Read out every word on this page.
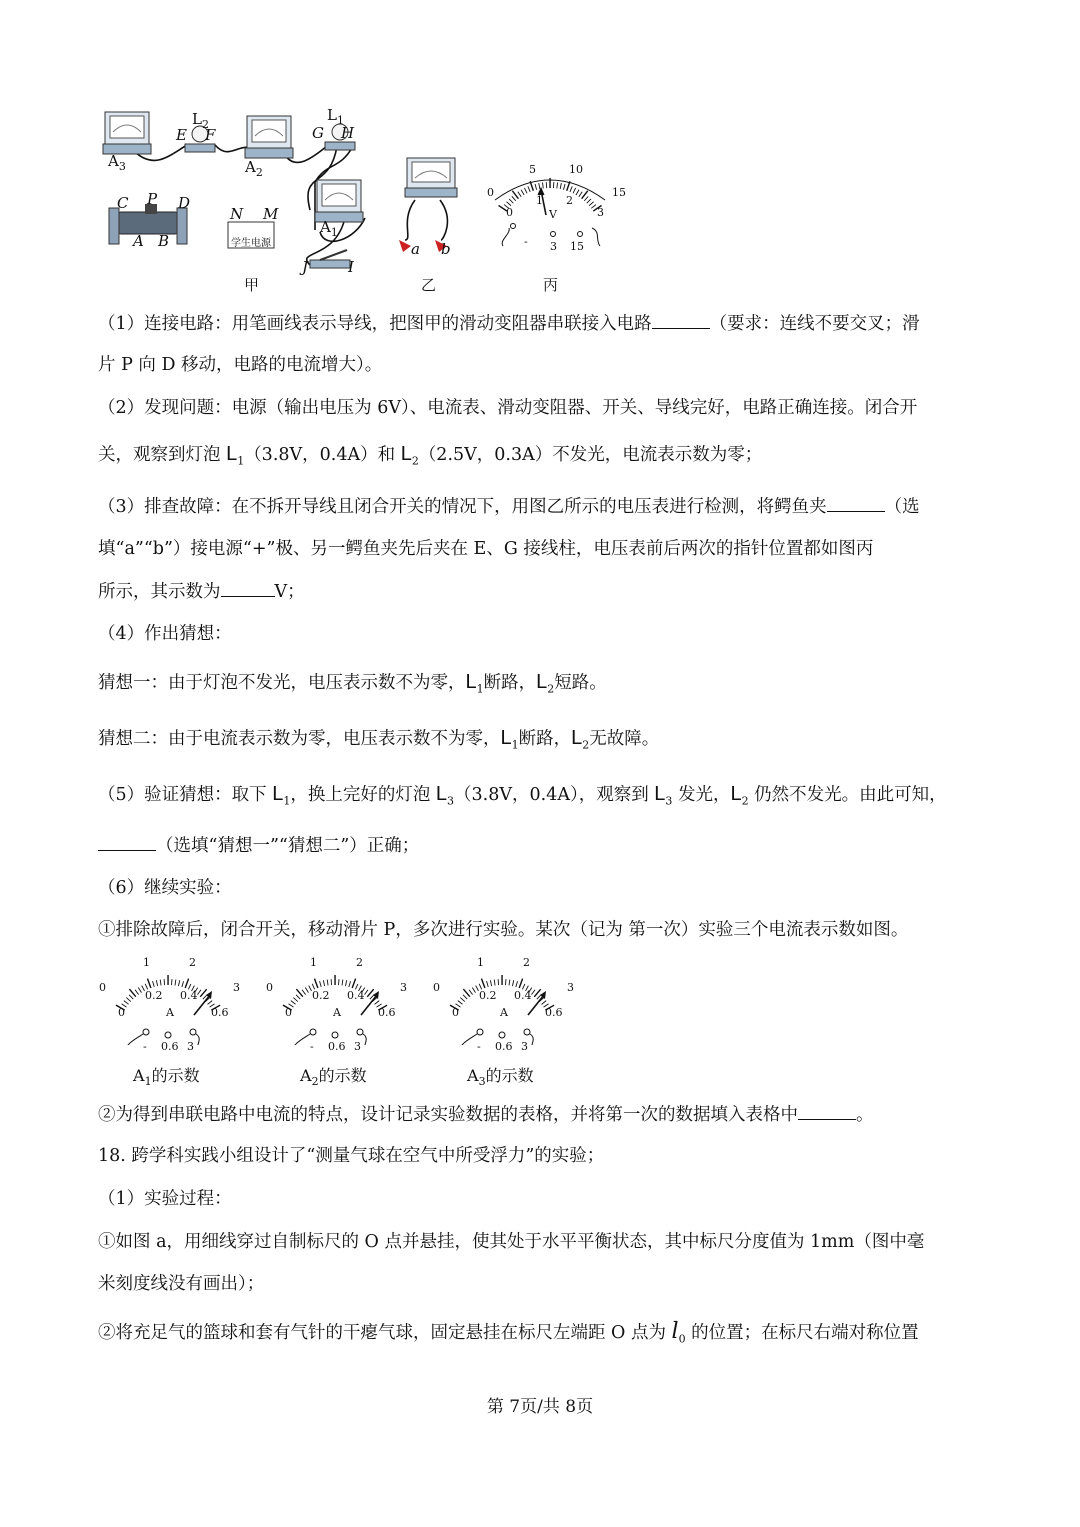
$A_3$
$L_2$
E F
$A_2$
$L_1$
G H
$A_1$
C P D
A B
N M
学生电源
J	I
a b
甲	乙	丙
5	10
15
0
0
1 2
3
V
- 3 15
（1）连接电路：用笔画线表示导线，把图甲的滑动变阻器串联接入电路	（要求：连线不要交叉；滑
片 P 向 D 移动，电路的电流增大）。
（2）发现问题：电源（输出电压为 6V）、电流表、滑动变阻器、开关、导线完好，电路正确连接。闭合开
关，观察到灯泡 $L_1(3.8V$，0.4A）和 $L_2(2.5V$，0.3A）不发光，电流表示数为零；
（3）排查故障：在不拆开导线且闭合开关的情况下，用图乙所示的电压表进行检测，将鳄鱼夹	（选
填“a”“b”）接电源“+”极、另一鳄鱼夹先后夹在 E、G 接线柱，电压表前后两次的指针位置都如图丙
所示，其示数为	V；
（4）作出猜想：
猜想一：由于灯泡不发光，电压表示数不为零，$L_1$断路，$L_2$短路。
猜想二：由于电流表示数为零，电压表示数不为零，$L_1$断路，$L_2$无故障。
（5）验证猜想：取下 $L_1$，换上完好的灯泡 $L_3(3.8V$，0.4A），观察到 $L_3$ 发光，$L_2$ 仍然不发光。由此可知，
（选填“猜想一”“猜想二”）正确；
（6）继续实验：
①排除故障后，闭合开关，移动滑片 P，多次进行实验。某次（记为 第一次）实验三个电流表示数如图。
1	2
0	3
0.2 0.4
0	0.6
A
- 0.6 3
1	2
0	3
0.2 0.4
0	0.6
A
- 0.6 3
1	2
0	3
0.2 0.4
0	0.6
A
- 0.6 3
$A_1$的示数	$A_2$的示数	$A_3$的示数
②为得到串联电路中电流的特点，设计记录实验数据的表格，并将第一次的数据填入表格中	。
18. 跨学科实践小组设计了“测量气球在空气中所受浮力”的实验；
（1）实验过程：
①如图 a，用细线穿过自制标尺的 O 点并悬挂，使其处于水平平衡状态，其中标尺分度值为 1mm（图中毫
米刻度线没有画出）；
②将充足气的篮球和套有气针的干瘪气球，固定悬挂在标尺左端距 O 点为 $l_0$ 的位置；在标尺右端对称位置
第 7页/共 8页
